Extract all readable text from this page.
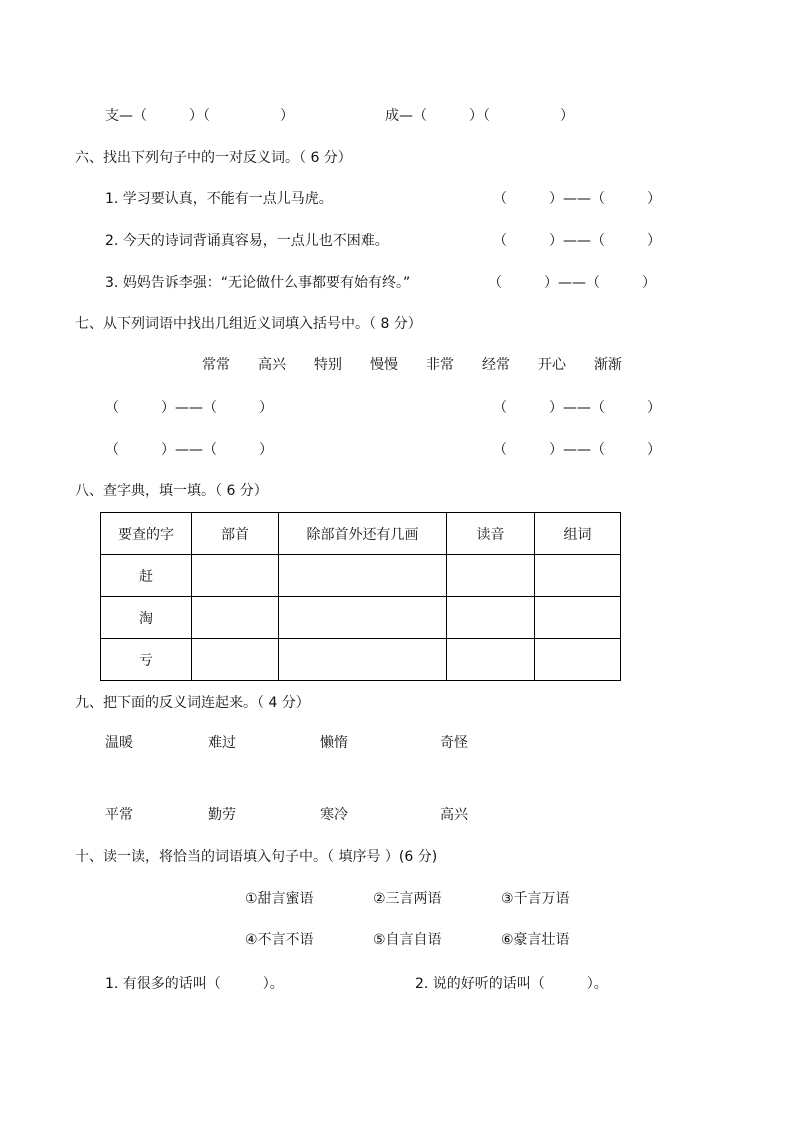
支—（　　　）（　　　　　）	成—（　　　）（　　　　　）
六、找出下列句子中的一对反义词。（ 6 分）
1. 学习要认真，不能有一点儿马虎。	（　　　）——（　　　）
2. 今天的诗词背诵真容易，一点儿也不困难。	（　　　）——（　　　）
3. 妈妈告诉李强：“无论做什么事都要有始有终。”	（　　　）——（　　　）
七、从下列词语中找出几组近义词填入括号中。（ 8 分）
常常 高兴 特别 慢慢 非常 经常 开心 渐渐
（　　　）——（　　　）	（　　　）——（　　　）
（　　　）——（　　　）	（　　　）——（　　　）
八、查字典，填一填。（ 6 分）
要查的字	部首	除部首外还有几画	读音	组词
赶				
淘				
亏				
九、把下面的反义词连起来。（ 4 分）
温暖	难过	懒惰	奇怪
平常	勤劳	寒冷	高兴
十、读一读，将恰当的词语填入句子中。（ 填序号 ）(6 分)
①甜言蜜语	②三言两语	③千言万语
④不言不语	⑤自言自语	⑥豪言壮语
1. 有很多的话叫（　　　）。	2. 说的好听的话叫（　　　）。
